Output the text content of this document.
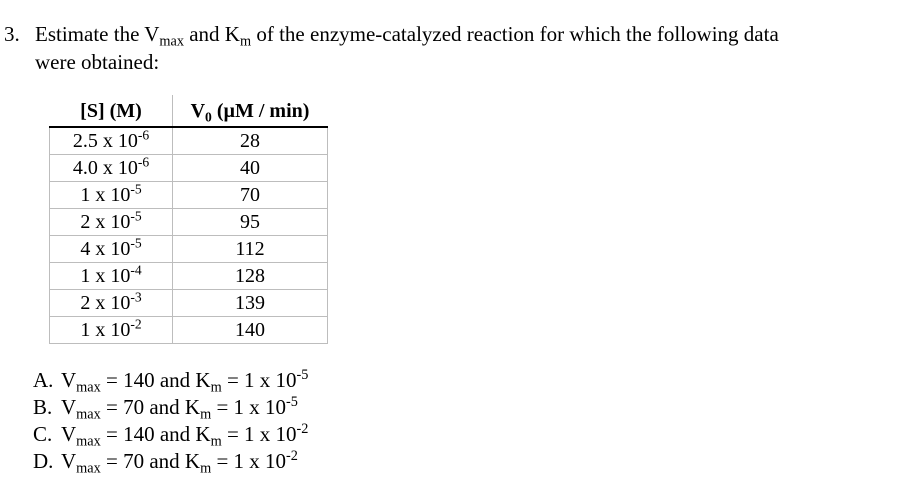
3. Estimate the $V_{max}$ and $K_m$ of the enzyme-catalyzed reaction for which the following data
were obtained:
[S] (M)	$V_0$ (µM / min)
2.5 x $10^{-6}$	28
4.0 x $10^{-6}$	40
1 x $10^{-5}$	70
2 x $10^{-5}$	95
4 x $10^{-5}$	112
1 x $10^{-4}$	128
2 x $10^{-3}$	139
1 x $10^{-2}$	140
A. $V_{max} = 140$ and $K_m = 1$ x $10^{-5}$
B. $V_{max} = 70$ and $K_m = 1$ x $10^{-5}$
C. $V_{max} = 140$ and $K_m = 1$ x $10^{-2}$
D. $V_{max} = 70$ and $K_m = 1$ x $10^{-2}$
